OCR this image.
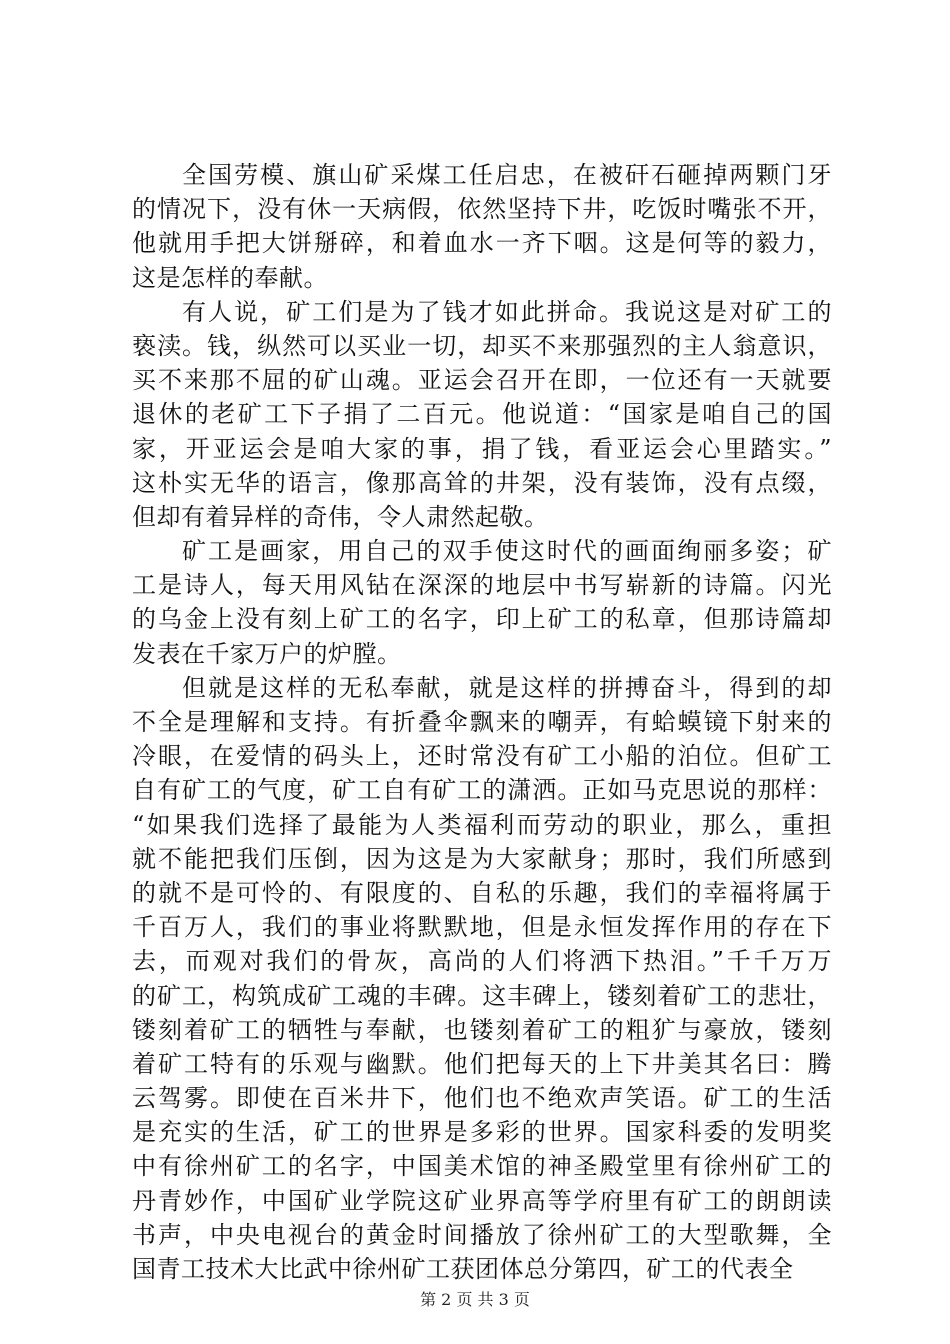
全国劳模、旗山矿采煤工任启忠，在被矸石砸掉两颗门牙
的情况下，没有休一天病假，依然坚持下井，吃饭时嘴张不开，
他就用手把大饼掰碎，和着血水一齐下咽。这是何等的毅力，
这是怎样的奉献。
有人说，矿工们是为了钱才如此拼命。我说这是对矿工的
亵渎。钱，纵然可以买业一切，却买不来那强烈的主人翁意识，
买不来那不屈的矿山魂。亚运会召开在即，一位还有一天就要
退休的老矿工下子捐了二百元。他说道：“国家是咱自己的国
家，开亚运会是咱大家的事，捐了钱，看亚运会心里踏实。”
这朴实无华的语言，像那高耸的井架，没有装饰，没有点缀，
但却有着异样的奇伟，令人肃然起敬。
矿工是画家，用自己的双手使这时代的画面绚丽多姿；矿
工是诗人，每天用风钻在深深的地层中书写崭新的诗篇。闪光
的乌金上没有刻上矿工的名字，印上矿工的私章，但那诗篇却
发表在千家万户的炉膛。
但就是这样的无私奉献，就是这样的拼搏奋斗，得到的却
不全是理解和支持。有折叠伞飘来的嘲弄，有蛤蟆镜下射来的
冷眼，在爱情的码头上，还时常没有矿工小船的泊位。但矿工
自有矿工的气度，矿工自有矿工的潇洒。正如马克思说的那样：
“如果我们选择了最能为人类福利而劳动的职业，那么，重担
就不能把我们压倒，因为这是为大家献身；那时，我们所感到
的就不是可怜的、有限度的、自私的乐趣，我们的幸福将属于
千百万人，我们的事业将默默地，但是永恒发挥作用的存在下
去，而观对我们的骨灰，高尚的人们将洒下热泪。”千千万万
的矿工，构筑成矿工魂的丰碑。这丰碑上，镂刻着矿工的悲壮，
镂刻着矿工的牺牲与奉献，也镂刻着矿工的粗犷与豪放，镂刻
着矿工特有的乐观与幽默。他们把每天的上下井美其名曰：腾
云驾雾。即使在百米井下，他们也不绝欢声笑语。矿工的生活
是充实的生活，矿工的世界是多彩的世界。国家科委的发明奖
中有徐州矿工的名字，中国美术馆的神圣殿堂里有徐州矿工的
丹青妙作，中国矿业学院这矿业界高等学府里有矿工的朗朗读
书声，中央电视台的黄金时间播放了徐州矿工的大型歌舞，全
国青工技术大比武中徐州矿工获团体总分第四，矿工的代表全
第 2 页 共 3 页
